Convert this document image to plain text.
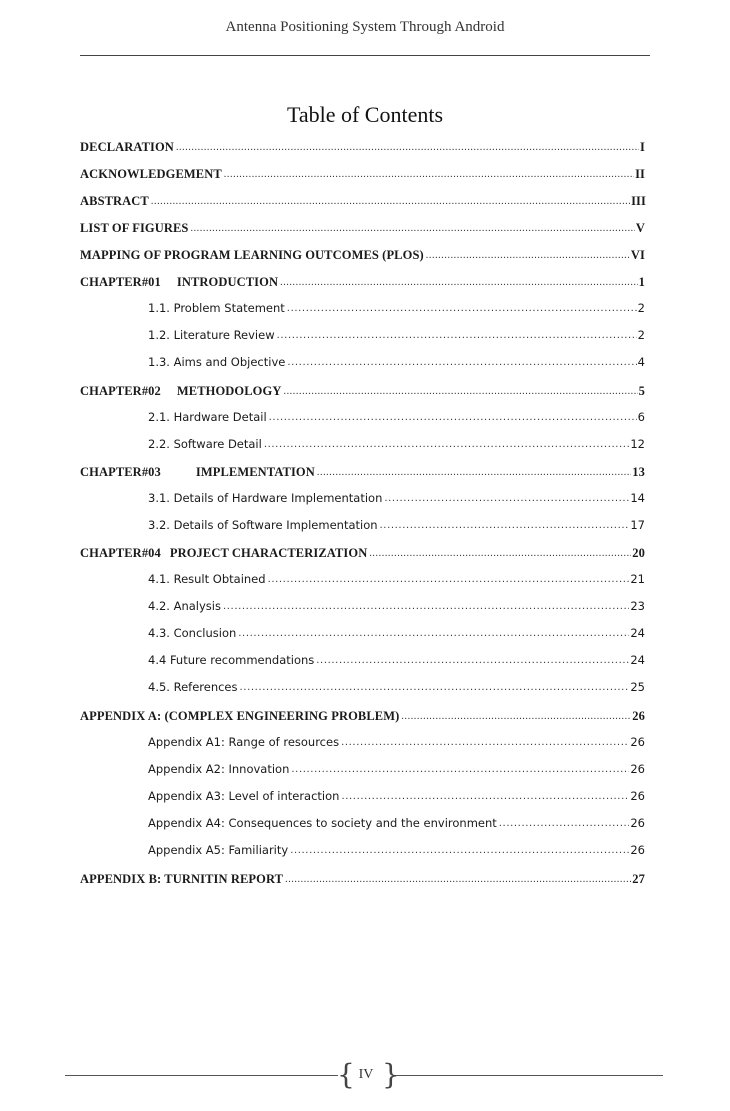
Antenna Positioning System Through Android
Table of Contents
DECLARATION .....	I
ACKNOWLEDGEMENT .....	II
ABSTRACT .....	III
LIST OF FIGURES .....	V
MAPPING OF PROGRAM LEARNING OUTCOMES (PLOS) .....	VI
CHAPTER#01 INTRODUCTION .....	1
1.1. Problem Statement .....	2
1.2. Literature Review .....	2
1.3. Aims and Objective .....	4
CHAPTER#02 METHODOLOGY .....	5
2.1. Hardware Detail .....	6
2.2. Software Detail .....	12
CHAPTER#03	IMPLEMENTATION .....	13
3.1. Details of Hardware Implementation .....	14
3.2. Details of Software Implementation .....	17
CHAPTER#04 PROJECT CHARACTERIZATION .....	20
4.1. Result Obtained .....	21
4.2. Analysis .....	23
4.3. Conclusion .....	24
4.4 Future recommendations .....	24
4.5. References .....	25
APPENDIX A: (COMPLEX ENGINEERING PROBLEM) .....	26
Appendix A1: Range of resources .....	26
Appendix A2: Innovation .....	26
Appendix A3: Level of interaction .....	26
Appendix A4: Consequences to society and the environment .....	26
Appendix A5: Familiarity .....	26
APPENDIX B: TURNITIN REPORT .....	27
{ IV }
